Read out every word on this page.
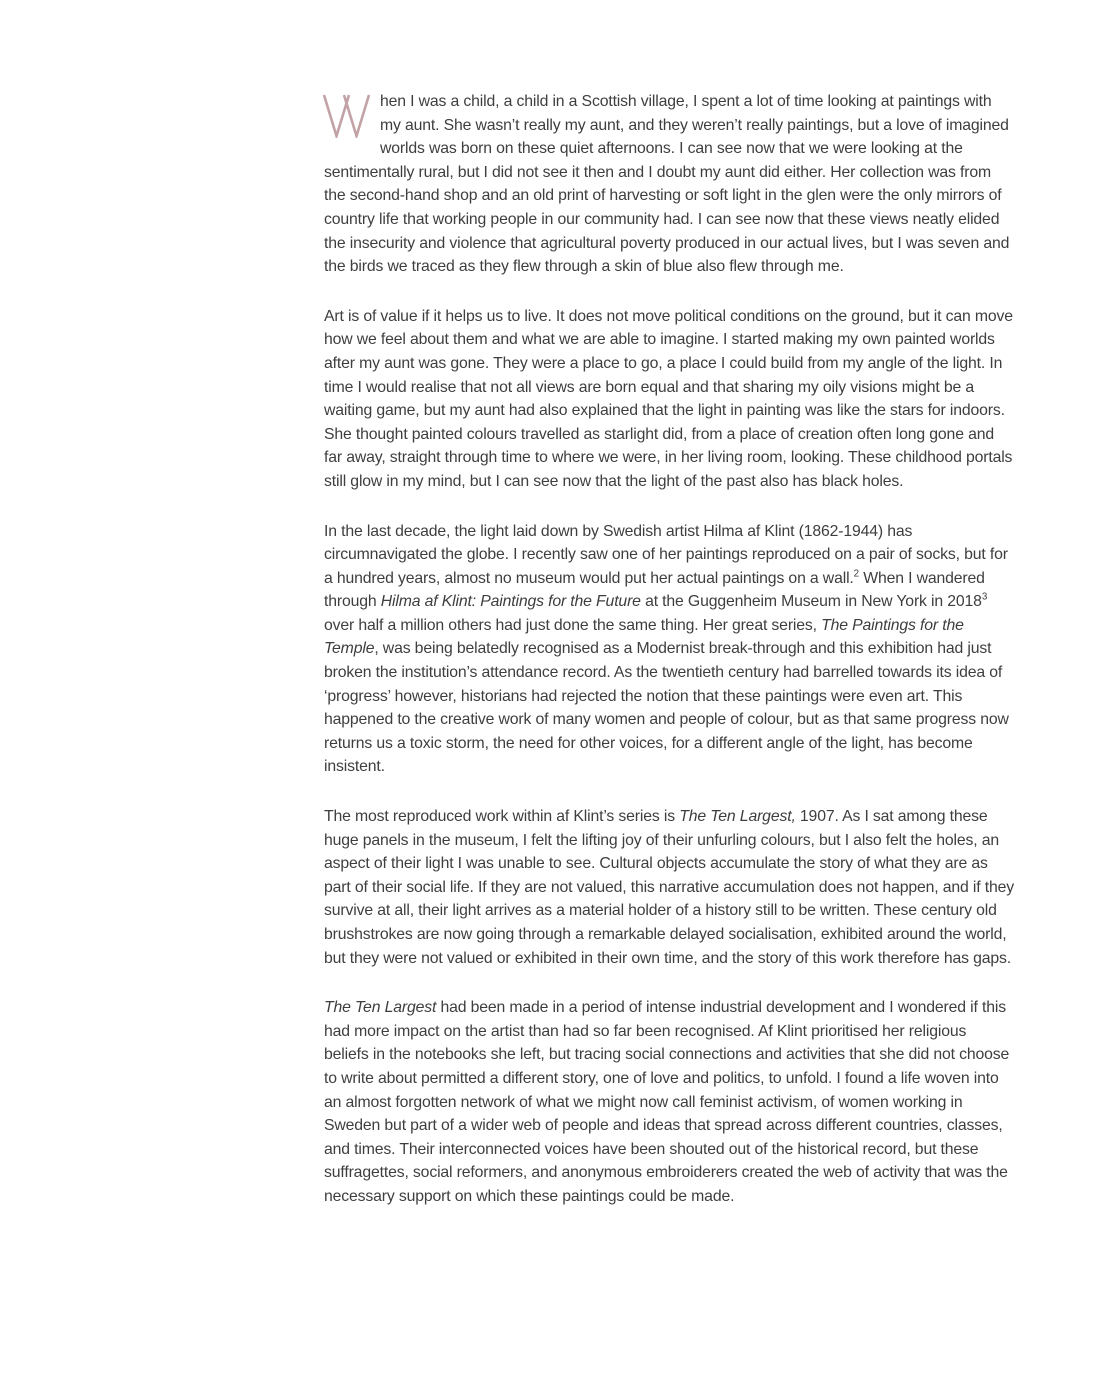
hen I was a child, a child in a Scottish village, I spent a lot of time looking at paintings with my aunt. She wasn’t really my aunt, and they weren’t really paintings, but a love of imagined worlds was born on these quiet afternoons. I can see now that we were looking at the sentimentally rural, but I did not see it then and I doubt my aunt did either. Her collection was from the second-hand shop and an old print of harvesting or soft light in the glen were the only mirrors of country life that working people in our community had. I can see now that these views neatly elided the insecurity and violence that agricultural poverty produced in our actual lives, but I was seven and the birds we traced as they flew through a skin of blue also flew through me.

Art is of value if it helps us to live. It does not move political conditions on the ground, but it can move how we feel about them and what we are able to imagine. I started making my own painted worlds after my aunt was gone. They were a place to go, a place I could build from my angle of the light. In time I would realise that not all views are born equal and that sharing my oily visions might be a waiting game, but my aunt had also explained that the light in painting was like the stars for indoors. She thought painted colours travelled as starlight did, from a place of creation often long gone and far away, straight through time to where we were, in her living room, looking. These childhood portals still glow in my mind, but I can see now that the light of the past also has black holes.

In the last decade, the light laid down by Swedish artist Hilma af Klint (1862-1944) has circumnavigated the globe. I recently saw one of her paintings reproduced on a pair of socks, but for a hundred years, almost no museum would put her actual paintings on a wall.$^2$ When I wandered through Hilma af Klint: Paintings for the Future at the Guggenheim Museum in New York in 2018$^3$ over half a million others had just done the same thing. Her great series, The Paintings for the Temple, was being belatedly recognised as a Modernist break-through and this exhibition had just broken the institution’s attendance record. As the twentieth century had barrelled towards its idea of ‘progress’ however, historians had rejected the notion that these paintings were even art. This happened to the creative work of many women and people of colour, but as that same progress now returns us a toxic storm, the need for other voices, for a different angle of the light, has become insistent.

The most reproduced work within af Klint’s series is The Ten Largest, 1907. As I sat among these huge panels in the museum, I felt the lifting joy of their unfurling colours, but I also felt the holes, an aspect of their light I was unable to see. Cultural objects accumulate the story of what they are as part of their social life. If they are not valued, this narrative accumulation does not happen, and if they survive at all, their light arrives as a material holder of a history still to be written. These century old brushstrokes are now going through a remarkable delayed socialisation, exhibited around the world, but they were not valued or exhibited in their own time, and the story of this work therefore has gaps.

The Ten Largest had been made in a period of intense industrial development and I wondered if this had more impact on the artist than had so far been recognised. Af Klint prioritised her religious beliefs in the notebooks she left, but tracing social connections and activities that she did not choose to write about permitted a different story, one of love and politics, to unfold. I found a life woven into an almost forgotten network of what we might now call feminist activism, of women working in Sweden but part of a wider web of people and ideas that spread across different countries, classes, and times. Their interconnected voices have been shouted out of the historical record, but these suffragettes, social reformers, and anonymous embroiderers created the web of activity that was the necessary support on which these paintings could be made.
